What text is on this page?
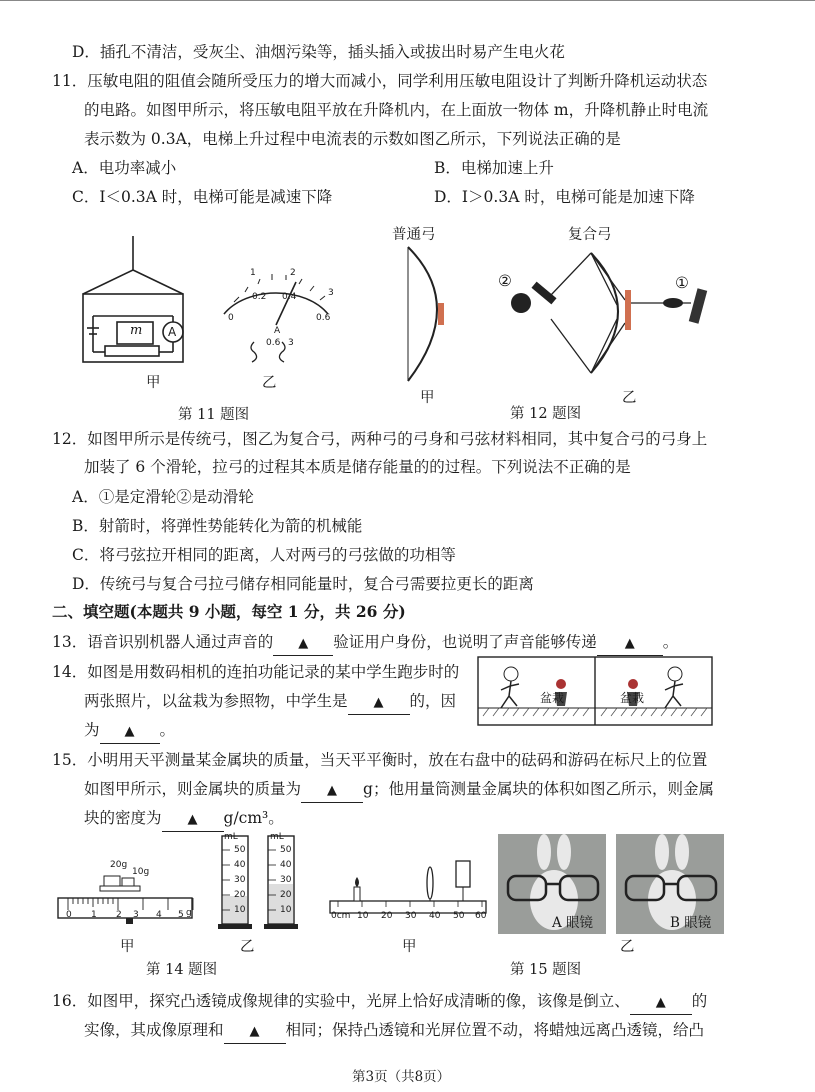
D．插孔不清洁，受灰尘、油烟污染等，插头插入或拔出时易产生电火花
11．压敏电阻的阻值会随所受压力的增大而减小，同学利用压敏电阻设计了判断升降机运动状态
的电路。如图甲所示，将压敏电阻平放在升降机内，在上面放一物体 m，升降机静止时电流
表示数为 0.3A，电梯上升过程中电流表的示数如图乙所示，下列说法正确的是
A．电功率减小	B．电梯加速上升
C．I＜0.3A 时，电梯可能是减速下降	D．I＞0.3A 时，电梯可能是加速下降
m A
甲
1	2
3
0
0.2 0.4
0.6
A
0.6 3
乙
第 11 题图
普通弓	复合弓
②	①
甲	乙
第 12 题图
12．如图甲所示是传统弓，图乙为复合弓，两种弓的弓身和弓弦材料相同，其中复合弓的弓身上
加装了 6 个滑轮，拉弓的过程其本质是储存能量的的过程。下列说法不正确的是
A．①是定滑轮②是动滑轮
B．射箭时，将弹性势能转化为箭的机械能
C．将弓弦拉开相同的距离，人对两弓的弓弦做的功相等
D．传统弓与复合弓拉弓储存相同能量时，复合弓需要拉更长的距离
二、填空题(本题共 9 小题，每空 1 分，共 26 分)
13．语音识别机器人通过声音的 ▲ 验证用户身份，也说明了声音能够传递 ▲ 。
14．如图是用数码相机的连拍功能记录的某中学生跑步时的
两张照片，以盆栽为参照物，中学生是 ▲ 的，因
为 ▲ 。
盆栽	盆栽
15．小明用天平测量某金属块的质量，当天平平衡时，放在右盘中的砝码和游码在标尺上的位置
如图甲所示，则金属块的质量为 ▲ g；他用量筒测量金属块的体积如图乙所示，则金属
块的密度为 ▲ g/cm³。
20g
10g
0 1 2 3 4 5 g
甲
mL	mL
50
40
30
20
10
50
40
30
20
10
乙
第 14 题图
0cm 10 20 30 40 50 60
甲
A 眼镜	B 眼镜
乙
第 15 题图
16．如图甲，探究凸透镜成像规律的实验中，光屏上恰好成清晰的像，该像是倒立、 ▲ 的
实像，其成像原理和 ▲ 相同；保持凸透镜和光屏位置不动，将蜡烛远离凸透镜，给凸
第3页（共8页）
